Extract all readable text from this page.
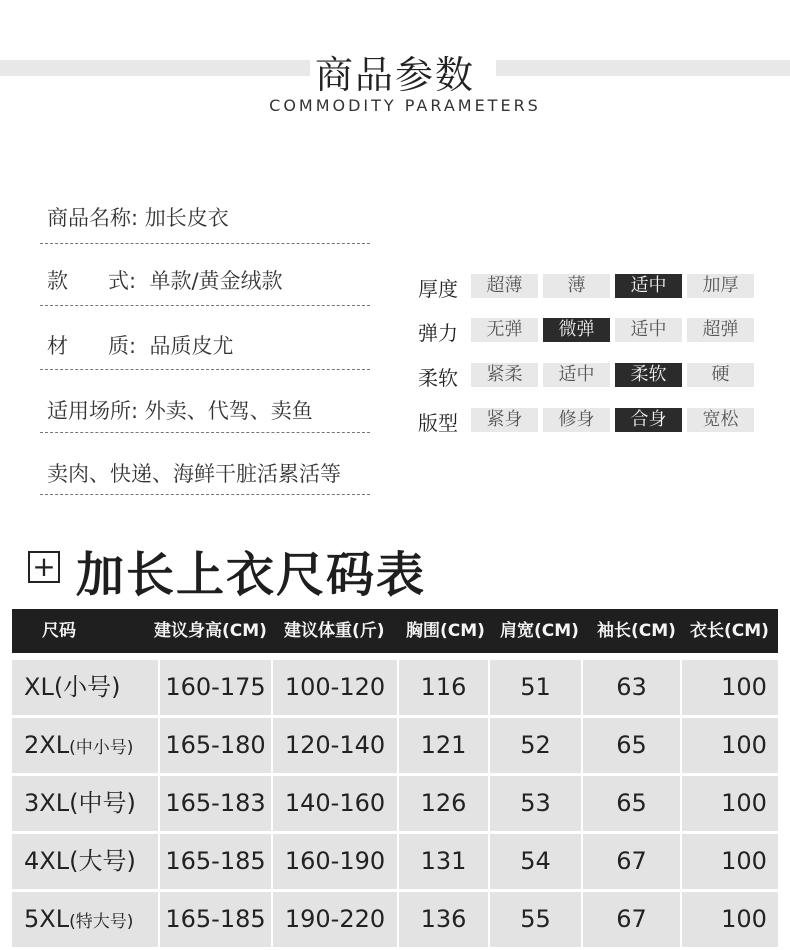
商品参数
COMMODITY PARAMETERS
商品名称: 加长皮衣
款      式:  单款/黄金绒款
材      质:  品质皮尤
适用场所: 外卖、代驾、卖鱼
卖肉、快递、海鲜干脏活累活等
厚度	超薄	薄	适中	加厚
弹力	无弹	微弹	适中	超弹
柔软	紧柔	适中	柔软	硬
版型	紧身	修身	合身	宽松
+ 加长上衣尺码表
尺码	建议身高(CM) 建议体重(斤) 胸围(CM) 肩宽(CM) 袖长(CM) 衣长(CM)
XL(小号) 160-175 100-120	116	51	63	100
2XL(中小号) 165-180 120-140	121	52	65	100
3XL(中号) 165-183 140-160	126	53	65	100
4XL(大号) 165-185 160-190	131	54	67	100
5XL(特大号) 165-185 190-220	136	55	67	100
